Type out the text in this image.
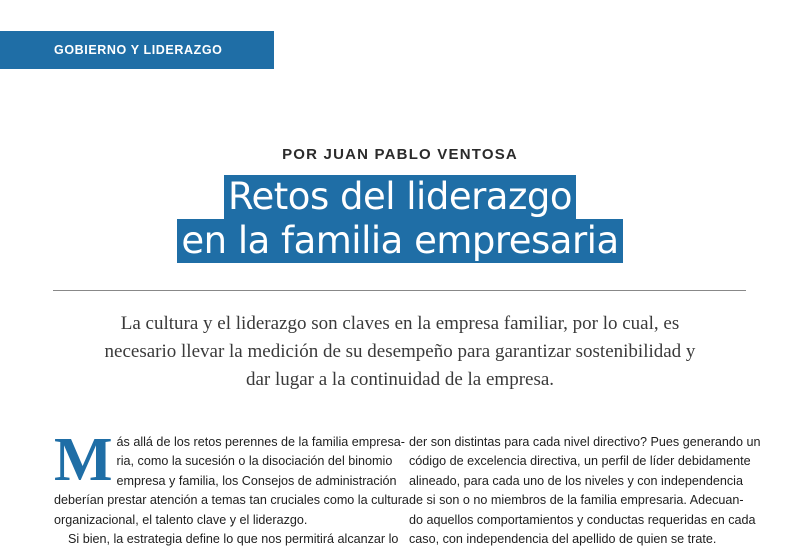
GOBIERNO Y LIDERAZGO
POR JUAN PABLO VENTOSA
Retos del liderazgo
en la familia empresaria
La cultura y el liderazgo son claves en la empresa familiar, por lo cual, es necesario llevar la medición de su desempeño para garantizar sostenibilidad y dar lugar a la continuidad de la empresa.
M ás allá de los retos perennes de la familia empresa-
ria, como la sucesión o la disociación del binomio
empresa y familia, los Consejos de administración
deberían prestar atención a temas tan cruciales como la cultura
organizacional, el talento clave y el liderazgo.
Si bien, la estrategia define lo que nos permitirá alcanzar lo
der son distintas para cada nivel directivo? Pues generando un
código de excelencia directiva, un perfil de líder debidamente
alineado, para cada uno de los niveles y con independencia
de si son o no miembros de la familia empresaria. Adecuan-
do aquellos comportamientos y conductas requeridas en cada
caso, con independencia del apellido de quien se trate.
